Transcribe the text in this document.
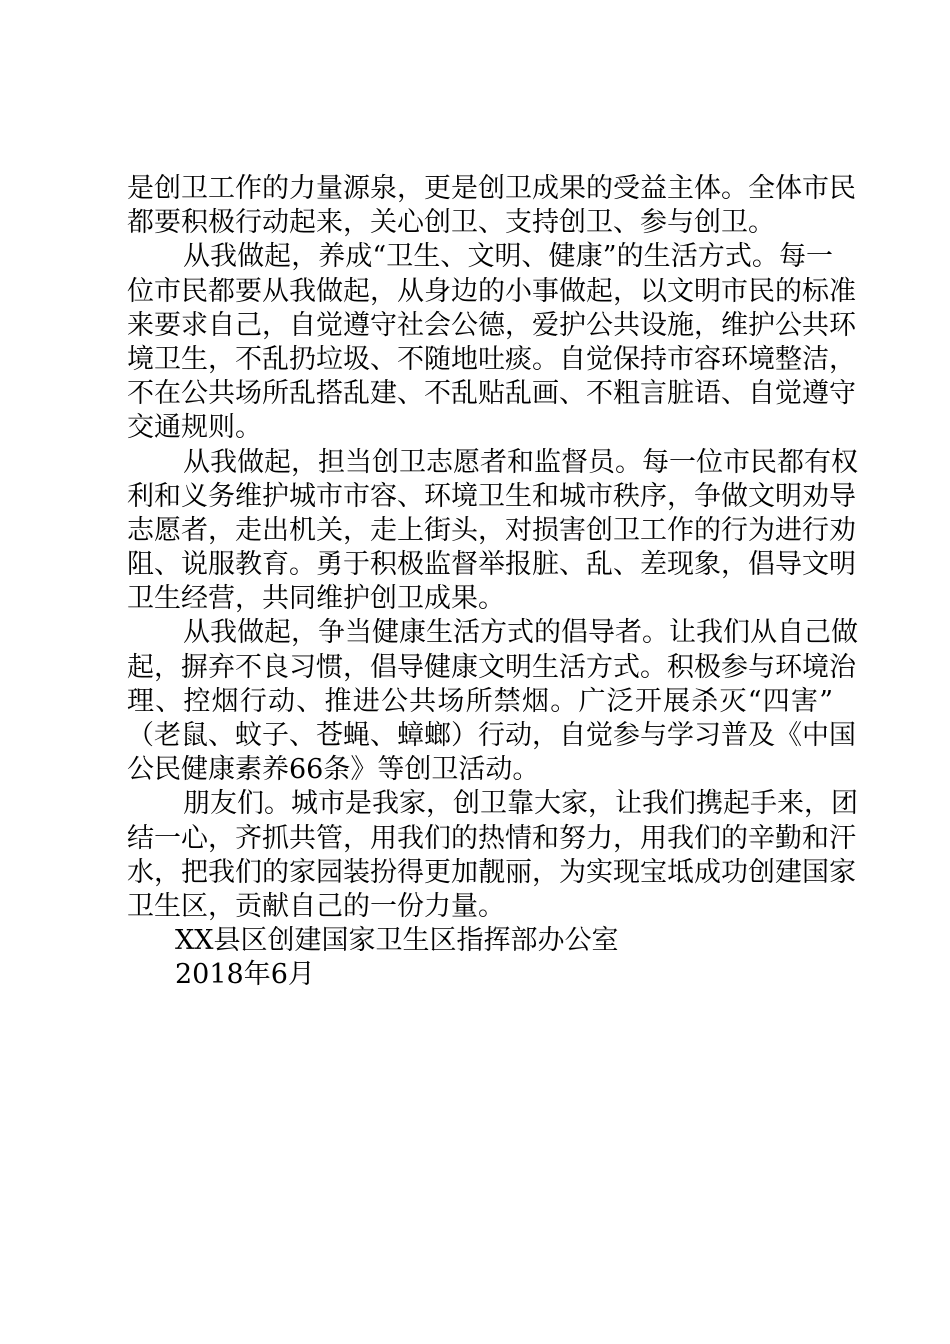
是创卫工作的力量源泉，更是创卫成果的受益主体。全体市民
都要积极行动起来，关心创卫、支持创卫、参与创卫。
从我做起，养成“卫生、文明、健康”的生活方式。每一
位市民都要从我做起，从身边的小事做起，以文明市民的标准
来要求自己，自觉遵守社会公德，爱护公共设施，维护公共环
境卫生，不乱扔垃圾、不随地吐痰。自觉保持市容环境整洁，
不在公共场所乱搭乱建、不乱贴乱画、不粗言脏语、自觉遵守
交通规则。
从我做起，担当创卫志愿者和监督员。每一位市民都有权
利和义务维护城市市容、环境卫生和城市秩序，争做文明劝导
志愿者，走出机关，走上街头，对损害创卫工作的行为进行劝
阻、说服教育。勇于积极监督举报脏、乱、差现象，倡导文明
卫生经营，共同维护创卫成果。
从我做起，争当健康生活方式的倡导者。让我们从自己做
起，摒弃不良习惯，倡导健康文明生活方式。积极参与环境治
理、控烟行动、推进公共场所禁烟。广泛开展杀灭“四害”
（老鼠、蚊子、苍蝇、蟑螂）行动，自觉参与学习普及《中国
公民健康素养66条》等创卫活动。
朋友们。城市是我家，创卫靠大家，让我们携起手来，团
结一心，齐抓共管，用我们的热情和努力，用我们的辛勤和汗
水，把我们的家园装扮得更加靓丽，为实现宝坻成功创建国家
卫生区，贡献自己的一份力量。
XX县区创建国家卫生区指挥部办公室
2018年6月
